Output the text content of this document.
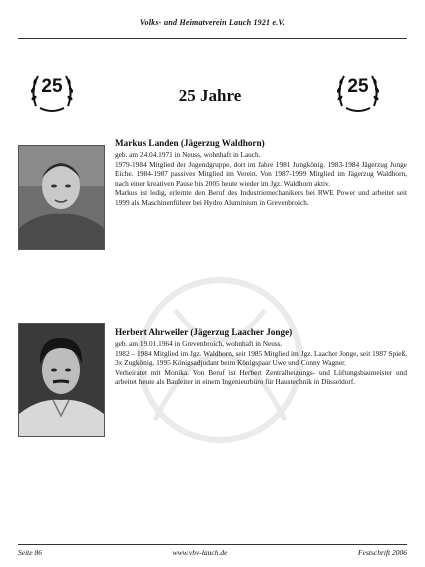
Volks- und Heimatverein Lauch 1921 e.V.
25	25 Jahre	25
Markus Landen (Jägerzug Waldhorn)
geb. am 24.04.1971 in Neuss, wohnhaft in Lauch.
1979-1984 Mitglied der Jugendgruppe, dort im Jahre 1981 Jungkönig. 1983-1984 Jägerzug Junge Eiche. 1984-1987 passives Mitglied im Verein. Von 1987-1999 Mitglied im Jägerzug Waldhorn, nach einer kreativen Pause bis 2005 heute wieder im Jgz. Waldhorn aktiv.
Markus ist ledig, erlernte den Beruf des Industriemechanikers bei RWE Power und arbeitet seit 1999 als Maschinenführer bei Hydro Aluminium in Grevenbroich.
Herbert Ahrweiler (Jägerzug Laacher Jonge)
geb. am 19.01.1964 in Grevenbroich, wohnhaft in Neuss.
1982 – 1984 Mitglied im Jgz. Waldhorn, seit 1985 Mitglied im Jgz. Laacher Jonge, seit 1987 Spieß, 3x Zugkönig. 1995 Königsadjudant beim Königspaar Uwe und Conny Wagner.
Verheiratet mit Monika. Von Beruf ist Herbert Zentralheizungs- und Lüftungsbaumeister und arbeitet heute als Bauleiter in einem Ingenieurbüro für Haustechnik in Düsseldorf.
Seite 86	www.vhv-lauch.de	Festschrift 2006
